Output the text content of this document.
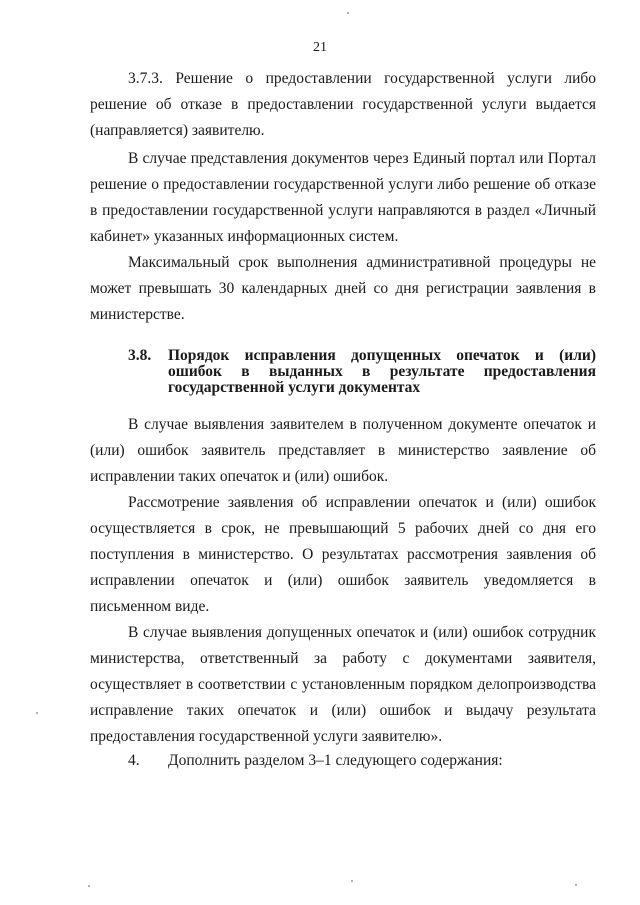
21

3.7.3. Решение о предоставлении государственной услуги либо решение об отказе в предоставлении государственной услуги выдается (направляется) заявителю.

В случае представления документов через Единый портал или Портал решение о предоставлении государственной услуги либо решение об отказе в предоставлении государственной услуги направляются в раздел «Личный кабинет» указанных информационных систем.

Максимальный срок выполнения административной процедуры не может превышать 30 календарных дней со дня регистрации заявления в министерстве.

3.8. Порядок исправления допущенных опечаток и (или) ошибок в выданных в результате предоставления государственной услуги документах

В случае выявления заявителем в полученном документе опечаток и (или) ошибок заявитель представляет в министерство заявление об исправлении таких опечаток и (или) ошибок.

Рассмотрение заявления об исправлении опечаток и (или) ошибок осуществляется в срок, не превышающий 5 рабочих дней со дня его поступления в министерство. О результатах рассмотрения заявления об исправлении опечаток и (или) ошибок заявитель уведомляется в письменном виде.

В случае выявления допущенных опечаток и (или) ошибок сотрудник министерства, ответственный за работу с документами заявителя, осуществляет в соответствии с установленным порядком делопроизводства исправление таких опечаток и (или) ошибок и выдачу результата предоставления государственной услуги заявителю».

4. Дополнить разделом 3–1 следующего содержания:
